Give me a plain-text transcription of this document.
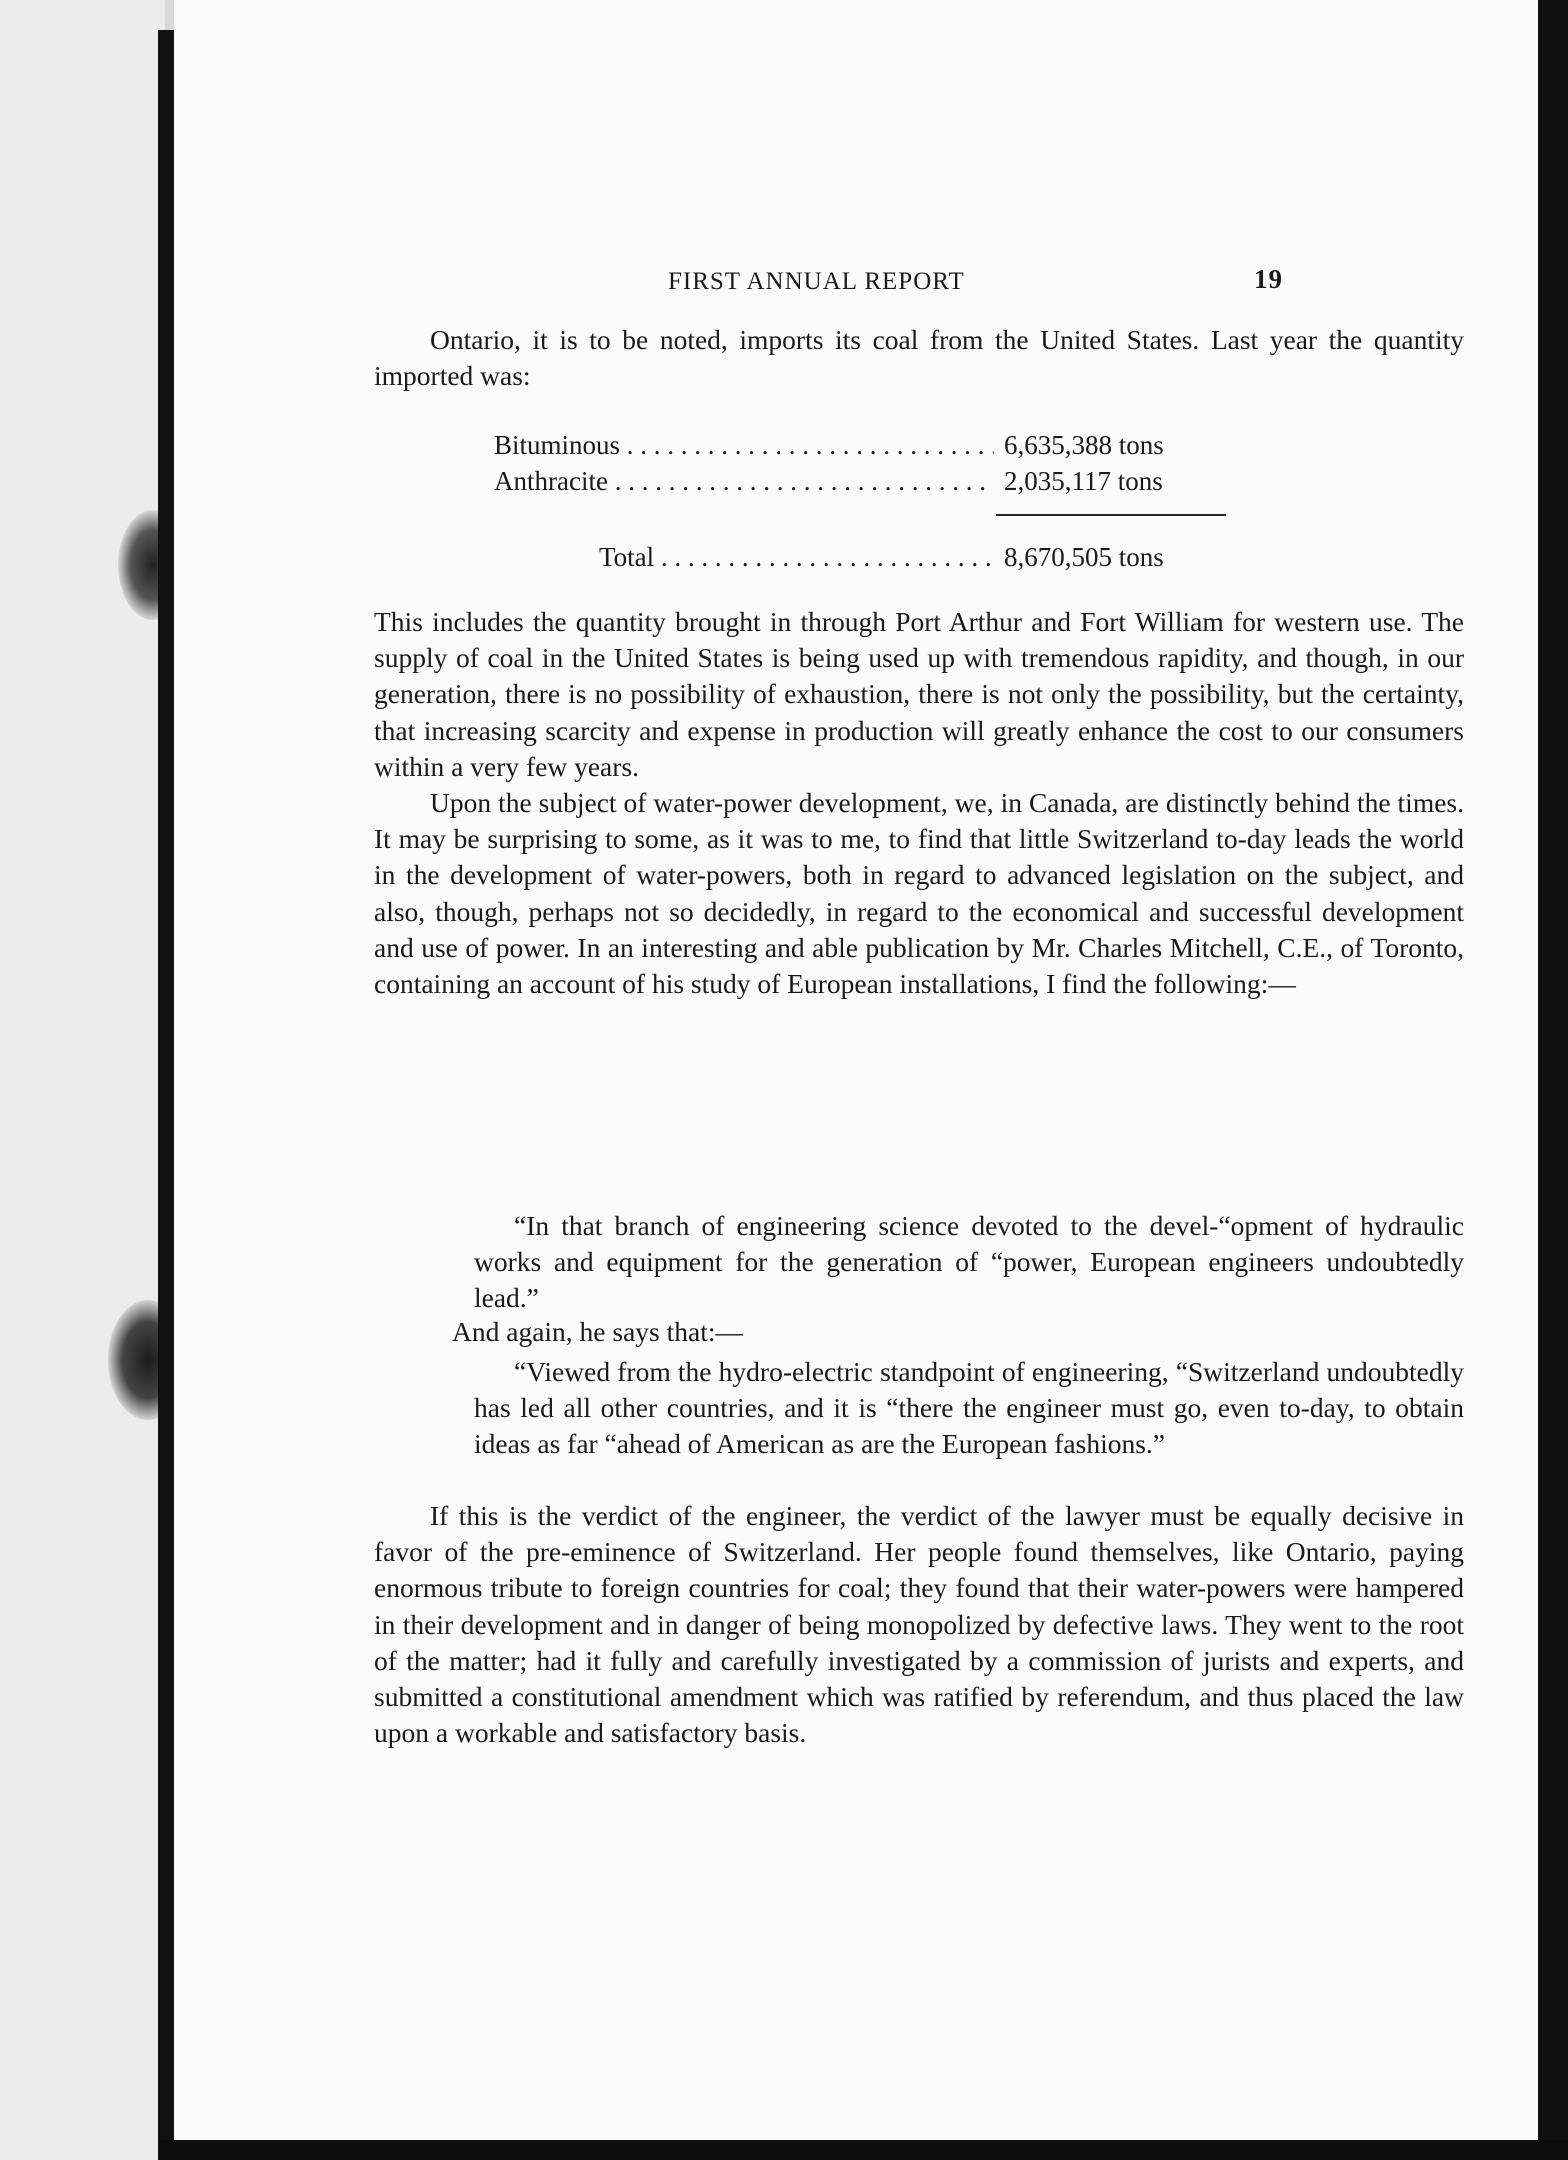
FIRST ANNUAL REPORT	19

Ontario, it is to be noted, imports its coal from the United States. Last year the quantity imported was:

Bituminous . . .	6,635,388 tons
Anthracite . . .	2,035,117 tons
Total . . .	8,670,505 tons

This includes the quantity brought in through Port Arthur and Fort William for western use. The supply of coal in the United States is being used up with tremendous rapidity, and though, in our generation, there is no possibility of exhaustion, there is not only the possibility, but the certainty, that increasing scarcity and expense in production will greatly enhance the cost to our consumers within a very few years.

Upon the subject of water-power development, we, in Canada, are distinctly behind the times. It may be surprising to some, as it was to me, to find that little Switzerland to-day leads the world in the development of water-powers, both in regard to advanced legislation on the subject, and also, though, perhaps not so decidedly, in regard to the economical and successful development and use of power. In an interesting and able publication by Mr. Charles Mitchell, C.E., of Toronto, containing an account of his study of European installations, I find the following:—

“In that branch of engineering science devoted to the devel-“opment of hydraulic works and equipment for the generation of “power, European engineers undoubtedly lead.”

And again, he says that:—

“Viewed from the hydro-electric standpoint of engineering, “Switzerland undoubtedly has led all other countries, and it is “there the engineer must go, even to-day, to obtain ideas as far “ahead of American as are the European fashions.”

If this is the verdict of the engineer, the verdict of the lawyer must be equally decisive in favor of the pre-eminence of Switzerland. Her people found themselves, like Ontario, paying enormous tribute to foreign countries for coal; they found that their water-powers were hampered in their development and in danger of being monopolized by defective laws. They went to the root of the matter; had it fully and carefully investigated by a commission of jurists and experts, and submitted a constitutional amendment which was ratified by referendum, and thus placed the law upon a workable and satisfactory basis.
